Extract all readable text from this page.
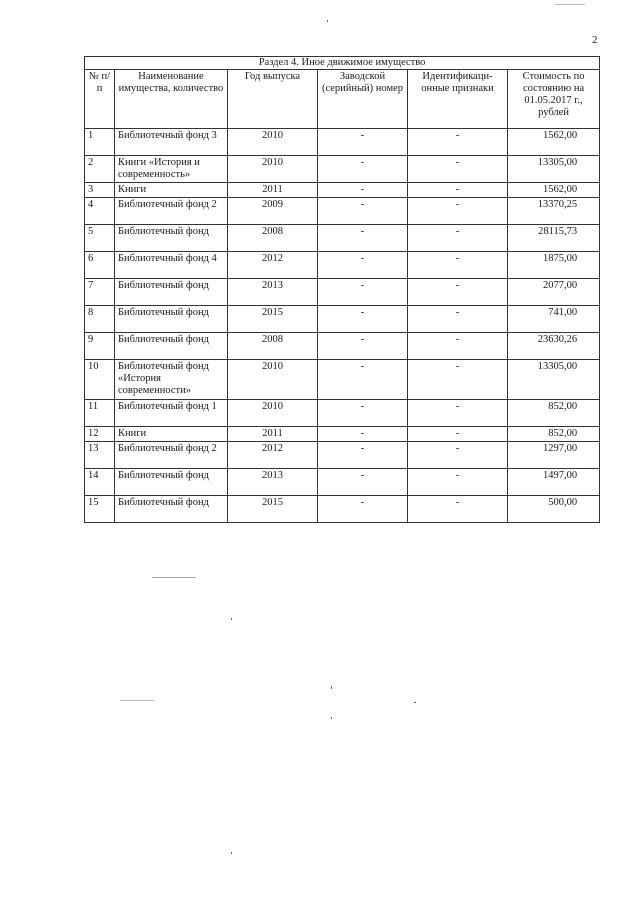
2
Раздел 4. Иное движимое имущество					
№ п/п	Наименование имущества, количество	Год выпуска	Заводской (серийный) номер	Идентификаци-онные признаки	Стоимость по состоянию на 01.05.2017 г., рублей
1	Библиотечный фонд 3	2010	-	-	1562,00
2	Книги «История и современность»	2010	-	-	13305,00
3	Книги	2011	-	-	1562,00
4	Библиотечный фонд 2	2009	-	-	13370,25
5	Библиотечный фонд	2008	-	-	28115,73
6	Библиотечный фонд 4	2012	-	-	1875,00
7	Библиотечный фонд	2013	-	-	2077,00
8	Библиотечный фонд	2015	-	-	741,00
9	Библиотечный фонд	2008	-	-	23630,26
10	Библиотечный фонд «История современности»	2010	-	-	13305,00
11	Библиотечный фонд 1	2010	-	-	852,00
12	Книги	2011	-	-	852,00
13	Библиотечный фонд 2	2012	-	-	1297,00
14	Библиотечный фонд	2013	-	-	1497,00
15	Библиотечный фонд	2015	-	-	500,00
